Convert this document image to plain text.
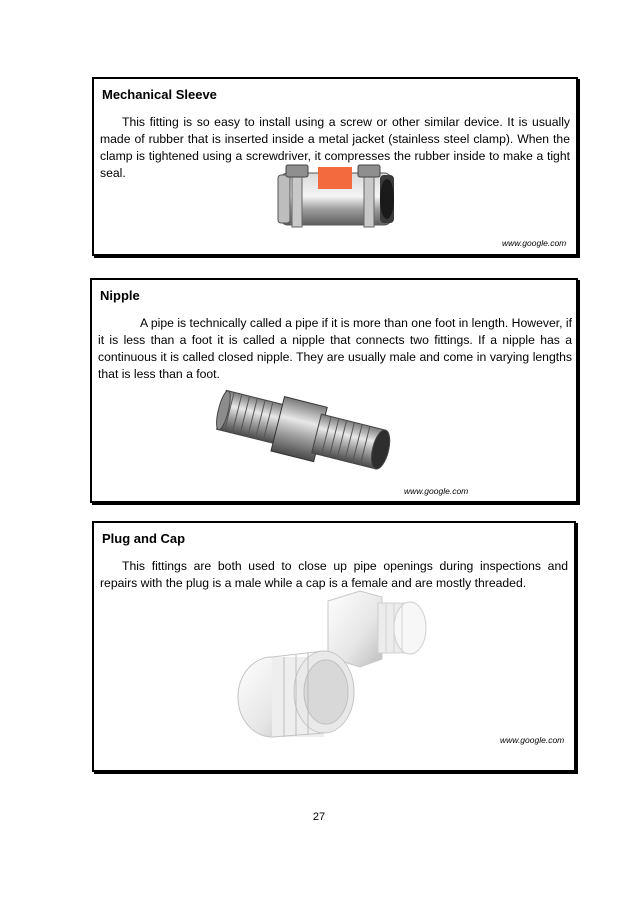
Mechanical Sleeve

This fitting is so easy to install using a screw or other similar device. It is usually made of rubber that is inserted inside a metal jacket (stainless steel clamp). When the clamp is tightened using a screwdriver, it compresses the rubber inside to make a tight seal.

www.google.com
Nipple

A pipe is technically called a pipe if it is more than one foot in length. However, if it is less than a foot it is called a nipple that connects two fittings. If a nipple has a continuous it is called closed nipple. They are usually male and come in varying lengths that is less than a foot.

www.google.com
Plug and Cap

This fittings are both used to close up pipe openings during inspections and repairs with the plug is a male while a cap is a female and are mostly threaded.

www.google.com
27
